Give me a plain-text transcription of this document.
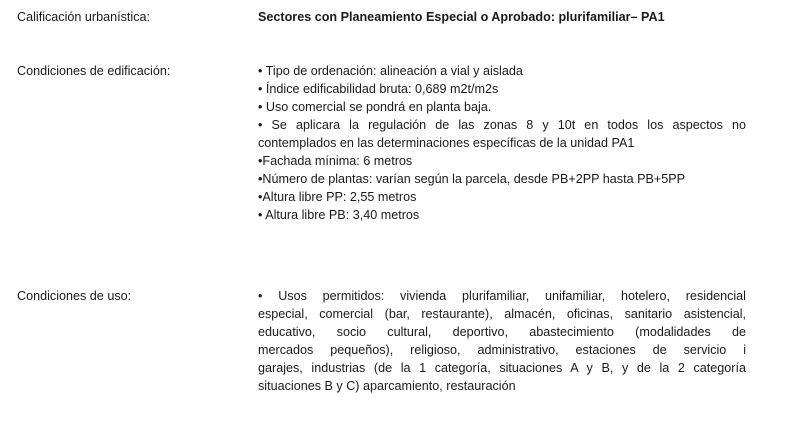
Calificación urbanística:	Sectores con Planeamiento Especial o Aprobado: plurifamiliar– PA1
Condiciones de edificación:	• Tipo de ordenación: alineación a vial y aislada
• Índice edificabilidad bruta: 0,689 m2t/m2s
• Uso comercial se pondrá en planta baja.
• Se aplicara la regulación de las zonas 8 y 10t en todos los aspectos no
contemplados en las determinaciones específicas de la unidad PA1
•Fachada mínima: 6 metros
•Número de plantas: varían según la parcela, desde PB+2PP hasta PB+5PP
•Altura libre PP: 2,55 metros
• Altura libre PB: 3,40 metros
Condiciones de uso:	• Usos permitidos: vivienda plurifamiliar, unifamiliar, hotelero, residencial
especial, comercial (bar, restaurante), almacén, oficinas, sanitario asistencial,
educativo, socio cultural, deportivo, abastecimiento (modalidades de
mercados pequeños), religioso, administrativo, estaciones de servicio i
garajes, industrias (de la 1 categoría, situaciones A y B, y de la 2 categoría
situaciones B y C) aparcamiento, restauración
